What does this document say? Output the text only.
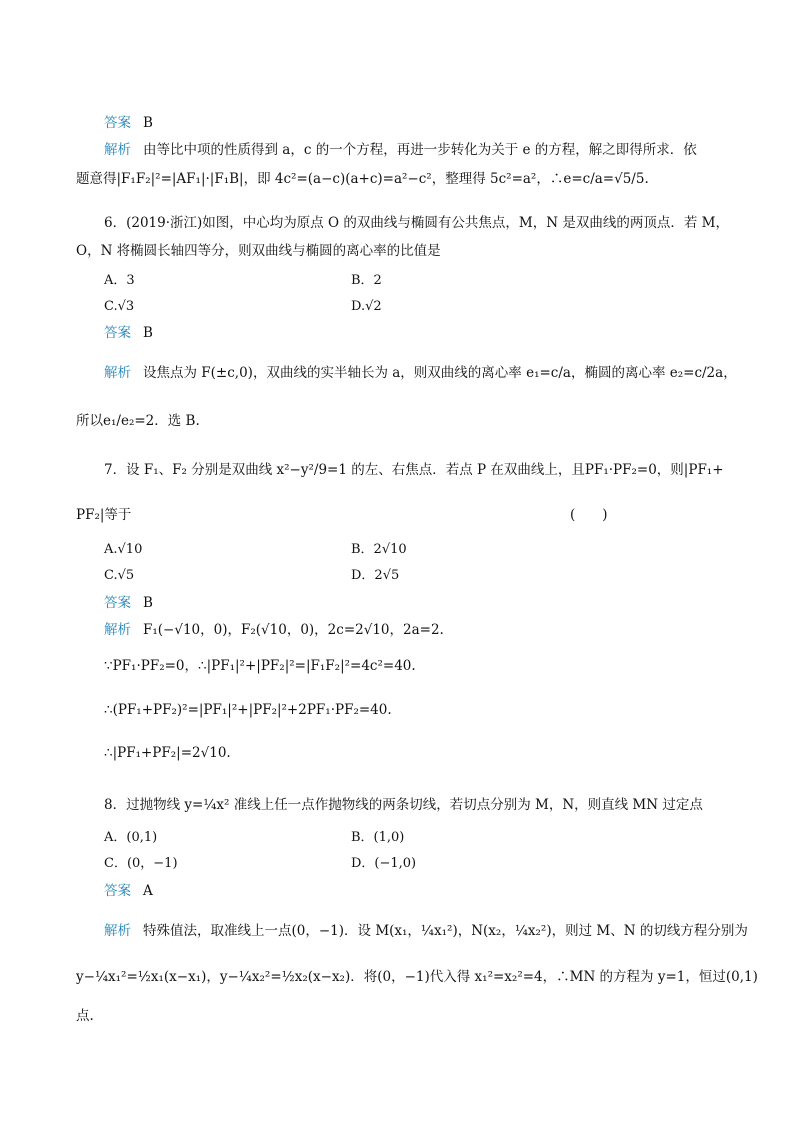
答案 B
解析 由等比中项的性质得到 a，c 的一个方程，再进一步转化为关于 e 的方程，解之即得所求．依
题意得|F₁F₂|²=|AF₁|·|F₁B|，即 4c²=(a−c)(a+c)=a²−c²，整理得 5c²=a²，∴e=c/a=√5/5.
6．(2019·浙江)如图，中心均为原点 O 的双曲线与椭圆有公共焦点，M，N 是双曲线的两顶点．若 M，
O，N 将椭圆长轴四等分，则双曲线与椭圆的离心率的比值是
A．3	B．2
C.√3	D.√2
答案 B
解析 设焦点为 F(±c,0)，双曲线的实半轴长为 a，则双曲线的离心率 e₁=c/a，椭圆的离心率 e₂=c/2a，
所以e₁/e₂=2．选 B.
7．设 F₁、F₂ 分别是双曲线 x²−y²/9=1 的左、右焦点．若点 P 在双曲线上，且PF₁·PF₂=0，则|PF₁+
PF₂|等于	(　　)
A.√10	B．2√10
C.√5	D．2√5
答案 B
解析 F₁(−√10，0)，F₂(√10，0)，2c=2√10，2a=2.
∵PF₁·PF₂=0，∴|PF₁|²+|PF₂|²=|F₁F₂|²=4c²=40.
∴(PF₁+PF₂)²=|PF₁|²+|PF₂|²+2PF₁·PF₂=40.
∴|PF₁+PF₂|=2√10.
8．过抛物线 y=¼x² 准线上任一点作抛物线的两条切线，若切点分别为 M，N，则直线 MN 过定点
A．(0,1)	B．(1,0)
C．(0，−1)	D．(−1,0)
答案 A
解析 特殊值法，取准线上一点(0，−1)．设 M(x₁，¼x₁²)，N(x₂，¼x₂²)，则过 M、N 的切线方程分别为
y−¼x₁²=½x₁(x−x₁)，y−¼x₂²=½x₂(x−x₂)．将(0，−1)代入得 x₁²=x₂²=4，∴MN 的方程为 y=1，恒过(0,1)
点.
